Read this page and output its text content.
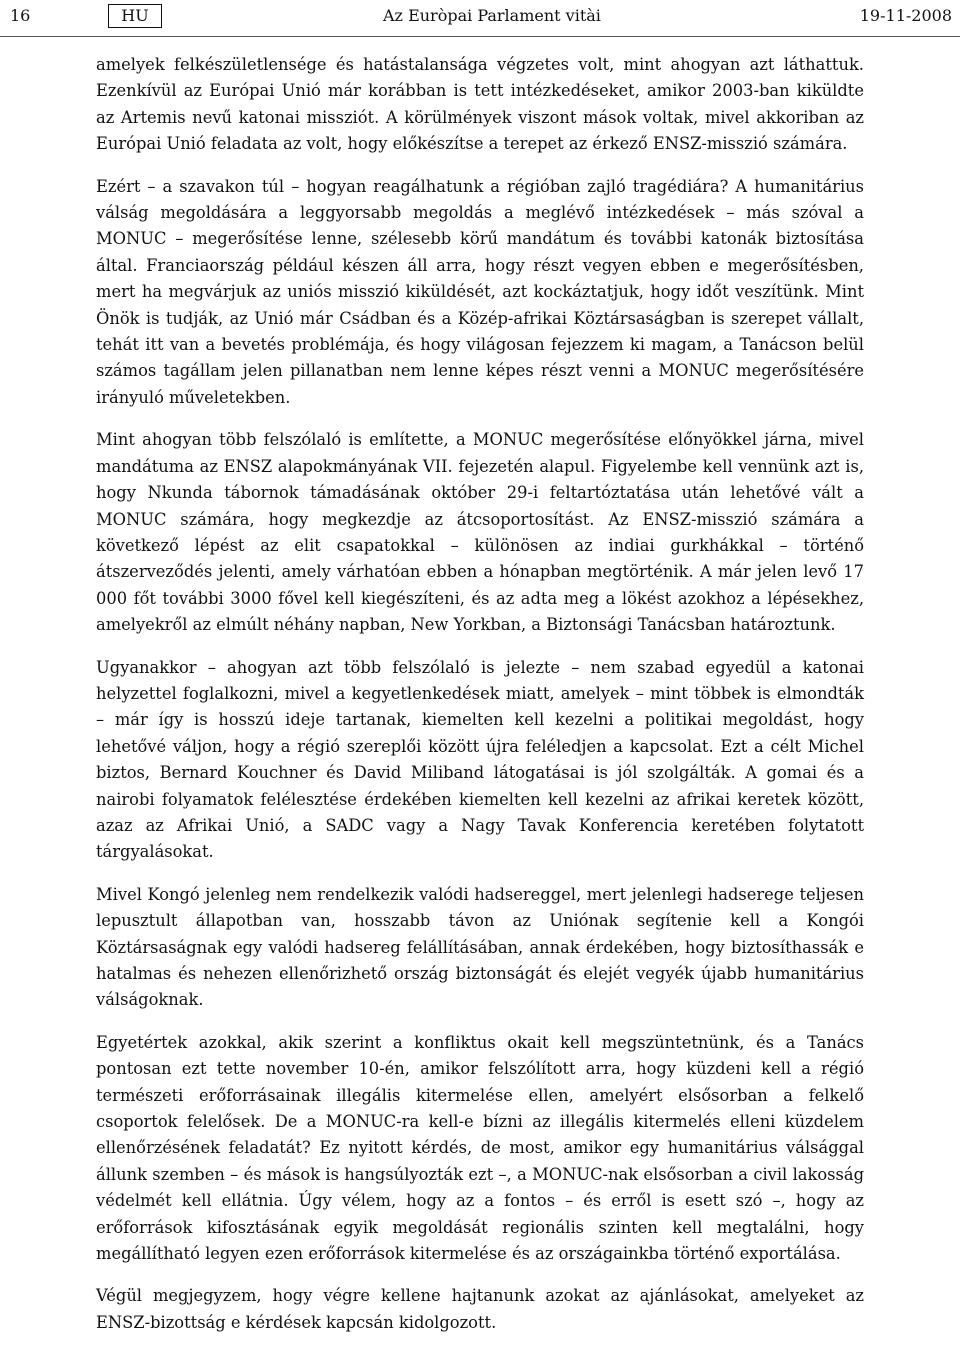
16	HU	Az Euròpai Parlament vitài	19-11-2008

amelyek felkészületlensége és hatástalansága végzetes volt, mint ahogyan azt láthattuk. Ezenkívül az Európai Unió már korábban is tett intézkedéseket, amikor 2003-ban kiküldte az Artemis nevű katonai missziót. A körülmények viszont mások voltak, mivel akkoriban az Európai Unió feladata az volt, hogy előkészítse a terepet az érkező ENSZ-misszió számára.

Ezért – a szavakon túl – hogyan reagálhatunk a régióban zajló tragédiára? A humanitárius válság megoldására a leggyorsabb megoldás a meglévő intézkedések – más szóval a MONUC – megerősítése lenne, szélesebb körű mandátum és további katonák biztosítása által. Franciaország például készen áll arra, hogy részt vegyen ebben e megerősítésben, mert ha megvárjuk az uniós misszió kiküldését, azt kockáztatjuk, hogy időt veszítünk. Mint Önök is tudják, az Unió már Csádban és a Közép-afrikai Köztársaságban is szerepet vállalt, tehát itt van a bevetés problémája, és hogy világosan fejezzem ki magam, a Tanácson belül számos tagállam jelen pillanatban nem lenne képes részt venni a MONUC megerősítésére irányuló műveletekben.

Mint ahogyan több felszólaló is említette, a MONUC megerősítése előnyökkel járna, mivel mandátuma az ENSZ alapokmányának VII. fejezetén alapul. Figyelembe kell vennünk azt is, hogy Nkunda tábornok támadásának október 29-i feltartóztatása után lehetővé vált a MONUC számára, hogy megkezdje az átcsoportosítást. Az ENSZ-misszió számára a következő lépést az elit csapatokkal – különösen az indiai gurkhákkal – történő átszerveződés jelenti, amely várhatóan ebben a hónapban megtörténik. A már jelen levő 17 000 főt további 3000 fővel kell kiegészíteni, és az adta meg a lökést azokhoz a lépésekhez, amelyekről az elmúlt néhány napban, New Yorkban, a Biztonsági Tanácsban határoztunk.

Ugyanakkor – ahogyan azt több felszólaló is jelezte – nem szabad egyedül a katonai helyzettel foglalkozni, mivel a kegyetlenkedések miatt, amelyek – mint többek is elmondták – már így is hosszú ideje tartanak, kiemelten kell kezelni a politikai megoldást, hogy lehetővé váljon, hogy a régió szereplői között újra feléledjen a kapcsolat. Ezt a célt Michel biztos, Bernard Kouchner és David Miliband látogatásai is jól szolgálták. A gomai és a nairobi folyamatok felélesztése érdekében kiemelten kell kezelni az afrikai keretek között, azaz az Afrikai Unió, a SADC vagy a Nagy Tavak Konferencia keretében folytatott tárgyalásokat.

Mivel Kongó jelenleg nem rendelkezik valódi hadsereggel, mert jelenlegi hadserege teljesen lepusztult állapotban van, hosszabb távon az Uniónak segítenie kell a Kongói Köztársaságnak egy valódi hadsereg felállításában, annak érdekében, hogy biztosíthassák e hatalmas és nehezen ellenőrizhető ország biztonságát és elejét vegyék újabb humanitárius válságoknak.

Egyetértek azokkal, akik szerint a konfliktus okait kell megszüntetnünk, és a Tanács pontosan ezt tette november 10-én, amikor felszólított arra, hogy küzdeni kell a régió természeti erőforrásainak illegális kitermelése ellen, amelyért elsősorban a felkelő csoportok felelősek. De a MONUC-ra kell-e bízni az illegális kitermelés elleni küzdelem ellenőrzésének feladatát? Ez nyitott kérdés, de most, amikor egy humanitárius válsággal állunk szemben – és mások is hangsúlyozták ezt –, a MONUC-nak elsősorban a civil lakosság védelmét kell ellátnia. Úgy vélem, hogy az a fontos – és erről is esett szó –, hogy az erőforrások kifosztásának egyik megoldását regionális szinten kell megtalálni, hogy megállítható legyen ezen erőforrások kitermelése és az országainkba történő exportálása.

Végül megjegyzem, hogy végre kellene hajtanunk azokat az ajánlásokat, amelyeket az ENSZ-bizottság e kérdések kapcsán kidolgozott.
